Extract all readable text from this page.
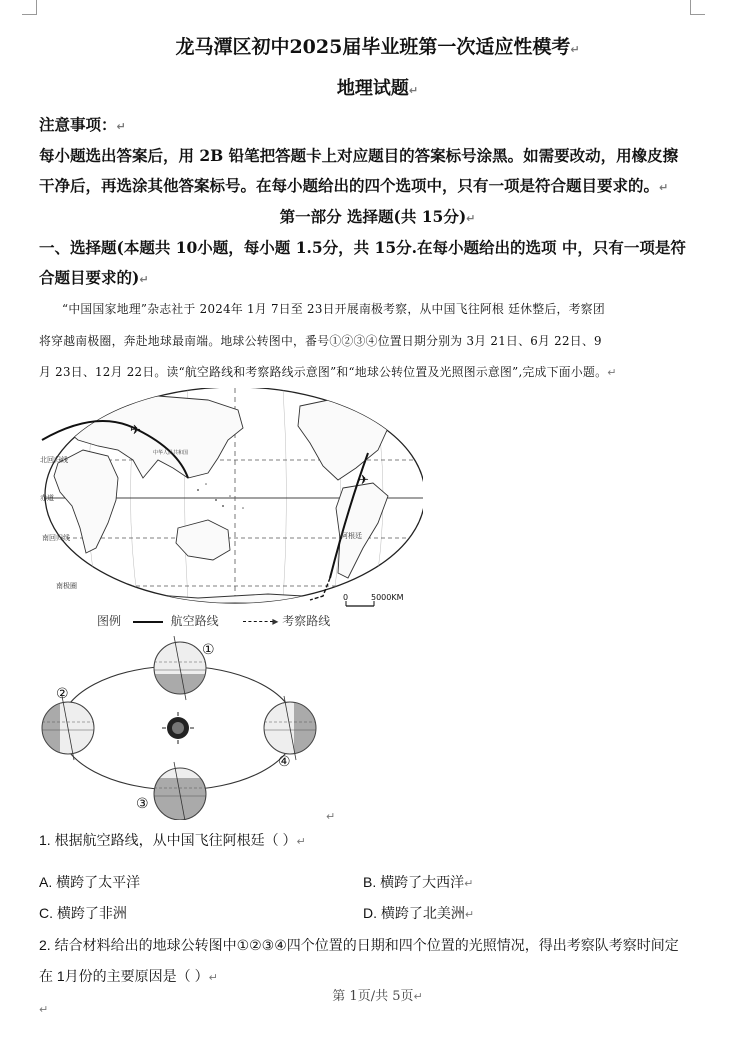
龙马潭区初中2025届毕业班第一次适应性模考↵
地理试题↵
注意事项：↵
每小题选出答案后，用 2B 铅笔把答题卡上对应题目的答案标号涂黑。如需要改动，用橡皮擦
干净后，再选涂其他答案标号。在每小题给出的四个选项中，只有一项是符合题目要求的。↵
第一部分 选择题(共 15分)↵
一、选择题(本题共 10小题，每小题 1.5分，共 15分.在每小题给出的选项 中，只有一项是符
合题目要求的)↵
“中国国家地理”杂志社于 2024年 1月 7日至 23日开展南极考察，从中国飞往阿根 廷休整后，考察团
将穿越南极圈，奔赴地球最南端。地球公转图中，番号①②③④位置日期分别为 3月 21日、6月 22日、9
月 23日、12月 22日。读“航空路线和考察路线示意图”和“地球公转位置及光照图示意图”,完成下面小题。↵
✈
✈
北回归线
赤道
南回归线
南极圈
中华人民共和国
阿根廷
0	5000KM
图例	航空路线	▸ 考察路线
①
②
③
④
↵
1. 根据航空路线，从中国飞往阿根廷（ ）↵
A. 横跨了太平洋	B. 横跨了大西洋↵
C. 横跨了非洲	D. 横跨了北美洲↵
2. 结合材料给出的地球公转图中①②③④四个位置的日期和四个位置的光照情况，得出考察队考察时间定
在 1月份的主要原因是（ ）↵
第 1页/共 5页↵
↵
